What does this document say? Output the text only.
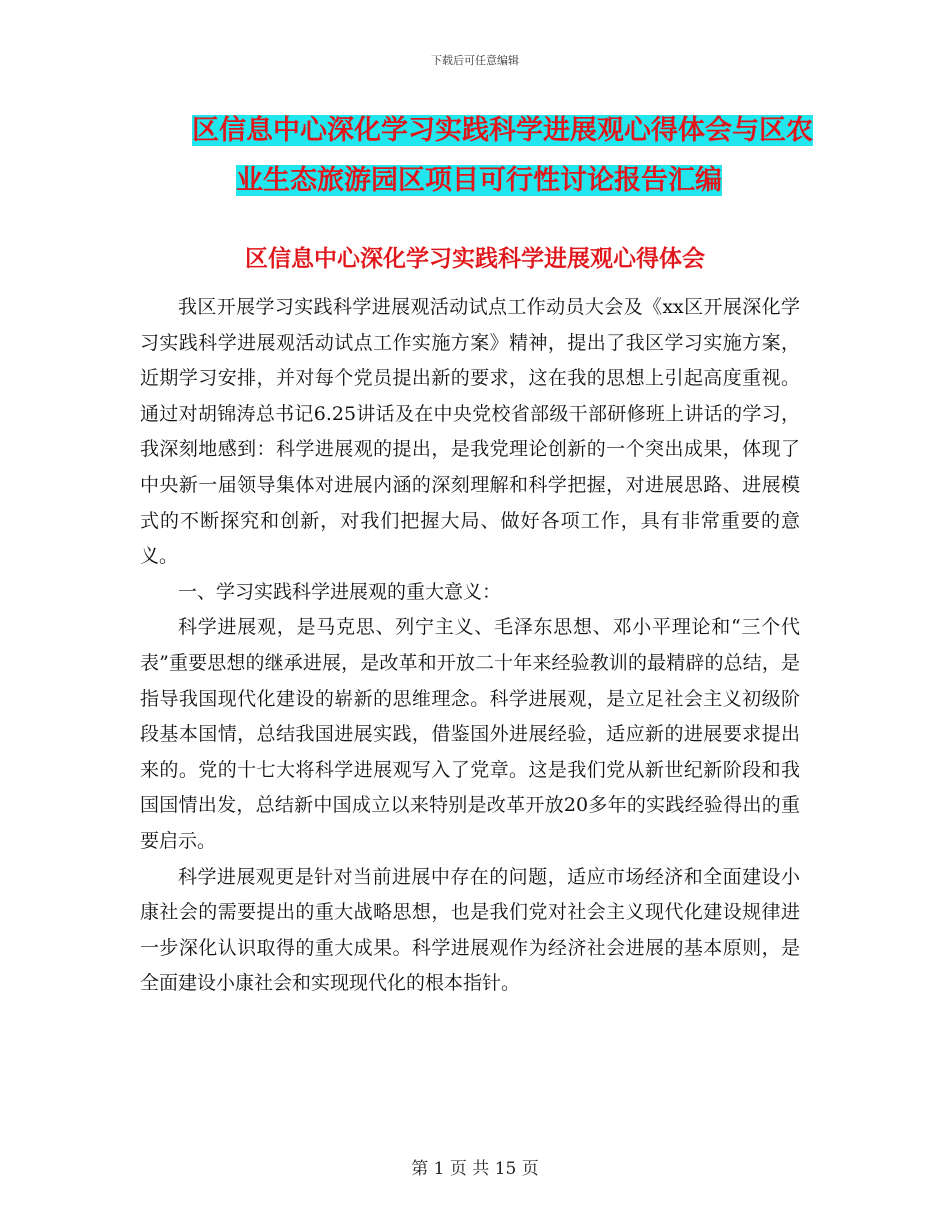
下载后可任意编辑
区信息中心深化学习实践科学进展观心得体会与区农
业生态旅游园区项目可行性讨论报告汇编
区信息中心深化学习实践科学进展观心得体会

我区开展学习实践科学进展观活动试点工作动员大会及《xx区开展深化学习实践科学进展观活动试点工作实施方案》精神，提出了我区学习实施方案，近期学习安排，并对每个党员提出新的要求，这在我的思想上引起高度重视。通过对胡锦涛总书记6.25讲话及在中央党校省部级干部研修班上讲话的学习，我深刻地感到：科学进展观的提出，是我党理论创新的一个突出成果，体现了中央新一届领导集体对进展内涵的深刻理解和科学把握，对进展思路、进展模式的不断探究和创新，对我们把握大局、做好各项工作，具有非常重要的意义。

一、学习实践科学进展观的重大意义：

科学进展观，是马克思、列宁主义、毛泽东思想、邓小平理论和“三个代表”重要思想的继承进展，是改革和开放二十年来经验教训的最精辟的总结，是指导我国现代化建设的崭新的思维理念。科学进展观，是立足社会主义初级阶段基本国情，总结我国进展实践，借鉴国外进展经验，适应新的进展要求提出来的。党的十七大将科学进展观写入了党章。这是我们党从新世纪新阶段和我国国情出发，总结新中国成立以来特别是改革开放20多年的实践经验得出的重要启示。

科学进展观更是针对当前进展中存在的问题，适应市场经济和全面建设小康社会的需要提出的重大战略思想，也是我们党对社会主义现代化建设规律进一步深化认识取得的重大成果。科学进展观作为经济社会进展的基本原则，是全面建设小康社会和实现现代化的根本指针。

第 1 页 共 15 页
